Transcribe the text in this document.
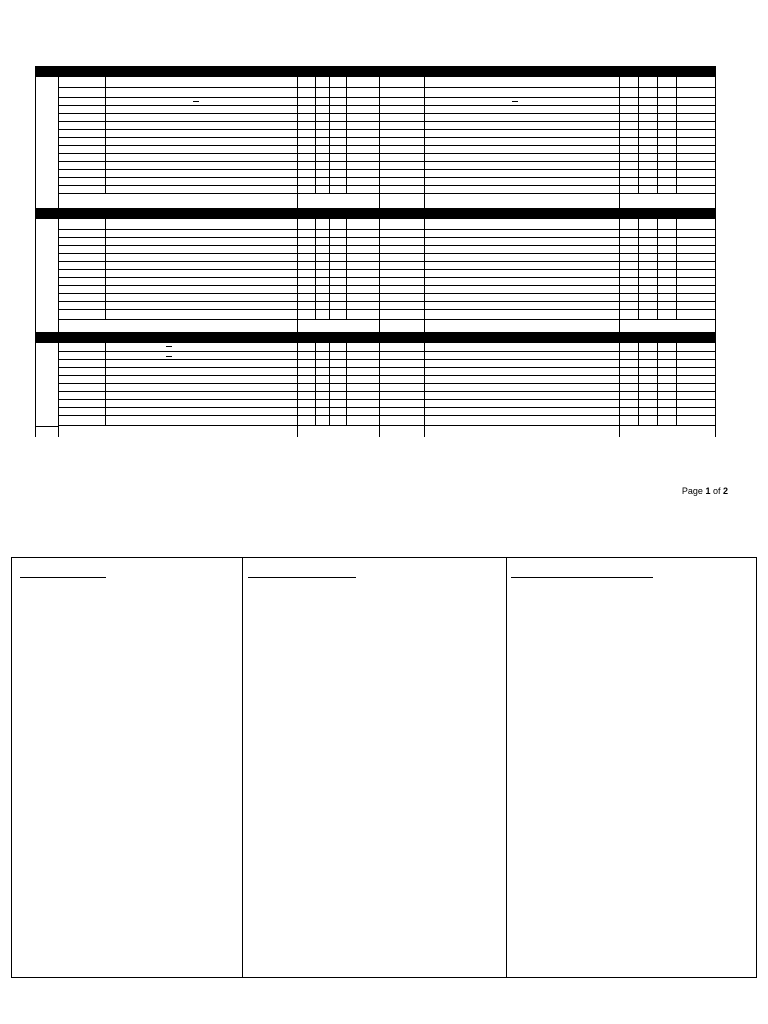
Page 1 of 2
